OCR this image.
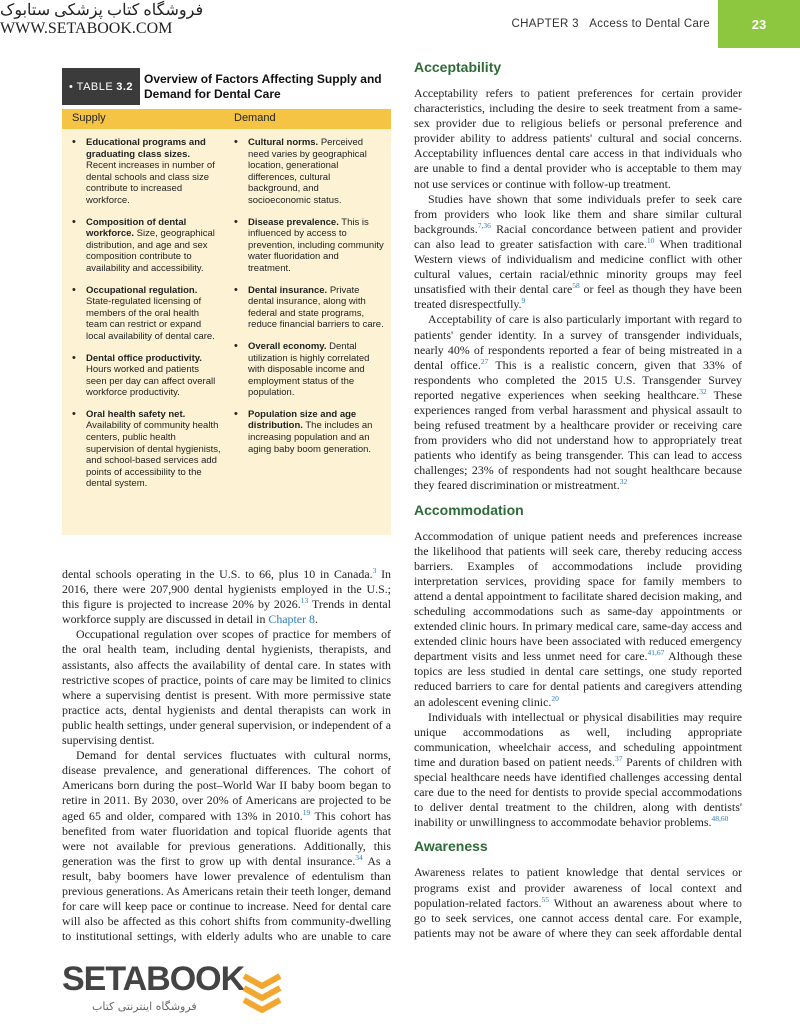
CHAPTER 3 Access to Dental Care	23
• TABLE 3.2
Overview of Factors Affecting Supply and Demand for Dental Care
Supply	Demand
• Educational programs and graduating class sizes. Recent increases in number of dental schools and class size contribute to increased workforce.
• Composition of dental workforce. Size, geographical distribution, and age and sex composition contribute to availability and accessibility.
• Occupational regulation. State-regulated licensing of members of the oral health team can restrict or expand local availability of dental care.
• Dental office productivity. Hours worked and patients seen per day can affect overall workforce productivity.
• Oral health safety net. Availability of community health centers, public health supervision of dental hygienists, and school-based services add points of accessibility to the dental system.
• Cultural norms. Perceived need varies by geographical location, generational differences, cultural background, and socioeconomic status.
• Disease prevalence. This is influenced by access to prevention, including community water fluoridation and treatment.
• Dental insurance. Private dental insurance, along with federal and state programs, reduce financial barriers to care.
• Overall economy. Dental utilization is highly correlated with disposable income and employment status of the population.
• Population size and age distribution. The includes an increasing population and an aging baby boom generation.

dental schools operating in the U.S. to 66, plus 10 in Canada.$^3$ In 2016, there were 207,900 dental hygienists employed in the U.S.; this figure is projected to increase 20% by 2026.13 Trends in dental workforce supply are discussed in detail in Chapter 8.

Occupational regulation over scopes of practice for members of the oral health team, including dental hygienists, therapists, and assistants, also affects the availability of dental care. In states with restrictive scopes of practice, points of care may be limited to clinics where a supervising dentist is present. With more permissive state practice acts, dental hygienists and dental therapists can work in public health settings, under general supervision, or independent of a supervising dentist.

Demand for dental services fluctuates with cultural norms, disease prevalence, and generational differences. The cohort of Americans born during the post–World War II baby boom began to retire in 2011. By 2030, over 20% of Americans are projected to be aged 65 and older, compared with 13% in 2010.19 This cohort has benefited from water fluoridation and topical fluoride agents that were not available for previous generations. Additionally, this generation was the first to grow up with dental insurance.$^{34}$ As a result, baby boomers have lower prevalence of edentulism than previous generations. As Americans retain their teeth longer, demand for care will keep pace or continue to increase. Need for dental care will also be affected as this cohort shifts from community-dwelling to institutional settings, with elderly adults who are unable to care

Acceptability

Acceptability refers to patient preferences for certain provider characteristics, including the desire to seek treatment from a same-sex provider due to religious beliefs or personal preference and provider ability to address patients' cultural and social concerns. Acceptability influences dental care access in that individuals who are unable to find a dental provider who is acceptable to them may not use services or continue with follow-up treatment.

Studies have shown that some individuals prefer to seek care from providers who look like them and share similar cultural backgrounds.$^{7,36}$ Racial concordance between patient and provider can also lead to greater satisfaction with care.$^{10}$ When traditional Western views of individualism and medicine conflict with other cultural values, certain racial/ethnic minority groups may feel unsatisfied with their dental care$^{58}$ or feel as though they have been treated disrespectfully.$^9$

Acceptability of care is also particularly important with regard to patients' gender identity. In a survey of transgender individuals, nearly 40% of respondents reported a fear of being mistreated in a dental office.$^{27}$ This is a realistic concern, given that 33% of respondents who completed the 2015 U.S. Transgender Survey reported negative experiences when seeking healthcare.$^{32}$ These experiences ranged from verbal harassment and physical assault to being refused treatment by a healthcare provider or receiving care from providers who did not understand how to appropriately treat patients who identify as being transgender. This can lead to access challenges; 23% of respondents had not sought healthcare because they feared discrimination or mistreatment.$^{32}$

Accommodation

Accommodation of unique patient needs and preferences increase the likelihood that patients will seek care, thereby reducing access barriers. Examples of accommodations include providing interpretation services, providing space for family members to attend a dental appointment to facilitate shared decision making, and scheduling accommodations such as same-day appointments or extended clinic hours. In primary medical care, same-day access and extended clinic hours have been associated with reduced emergency department visits and less unmet need for care.$^{41,67}$ Although these topics are less studied in dental care settings, one study reported reduced barriers to care for dental patients and caregivers attending an adolescent evening clinic.$^{20}$

Individuals with intellectual or physical disabilities may require unique accommodations as well, including appropriate communication, wheelchair access, and scheduling appointment time and duration based on patient needs.$^{37}$ Parents of children with special healthcare needs have identified challenges accessing dental care due to the need for dentists to provide special accommodations to deliver dental treatment to the children, along with dentists' inability or unwillingness to accommodate behavior problems.$^{48,60}$

Awareness

Awareness relates to patient knowledge that dental services or programs exist and provider awareness of local context and population-related factors.$^{55}$ Without an awareness about where to go to seek services, one cannot access dental care. For example, patients may not be aware of where they can seek affordable dental

SETABOOK
فروشگاه اینترنتی کتاب
فروشگاه کتاب پزشکی ستابوک
WWW.SETABOOK.COM
